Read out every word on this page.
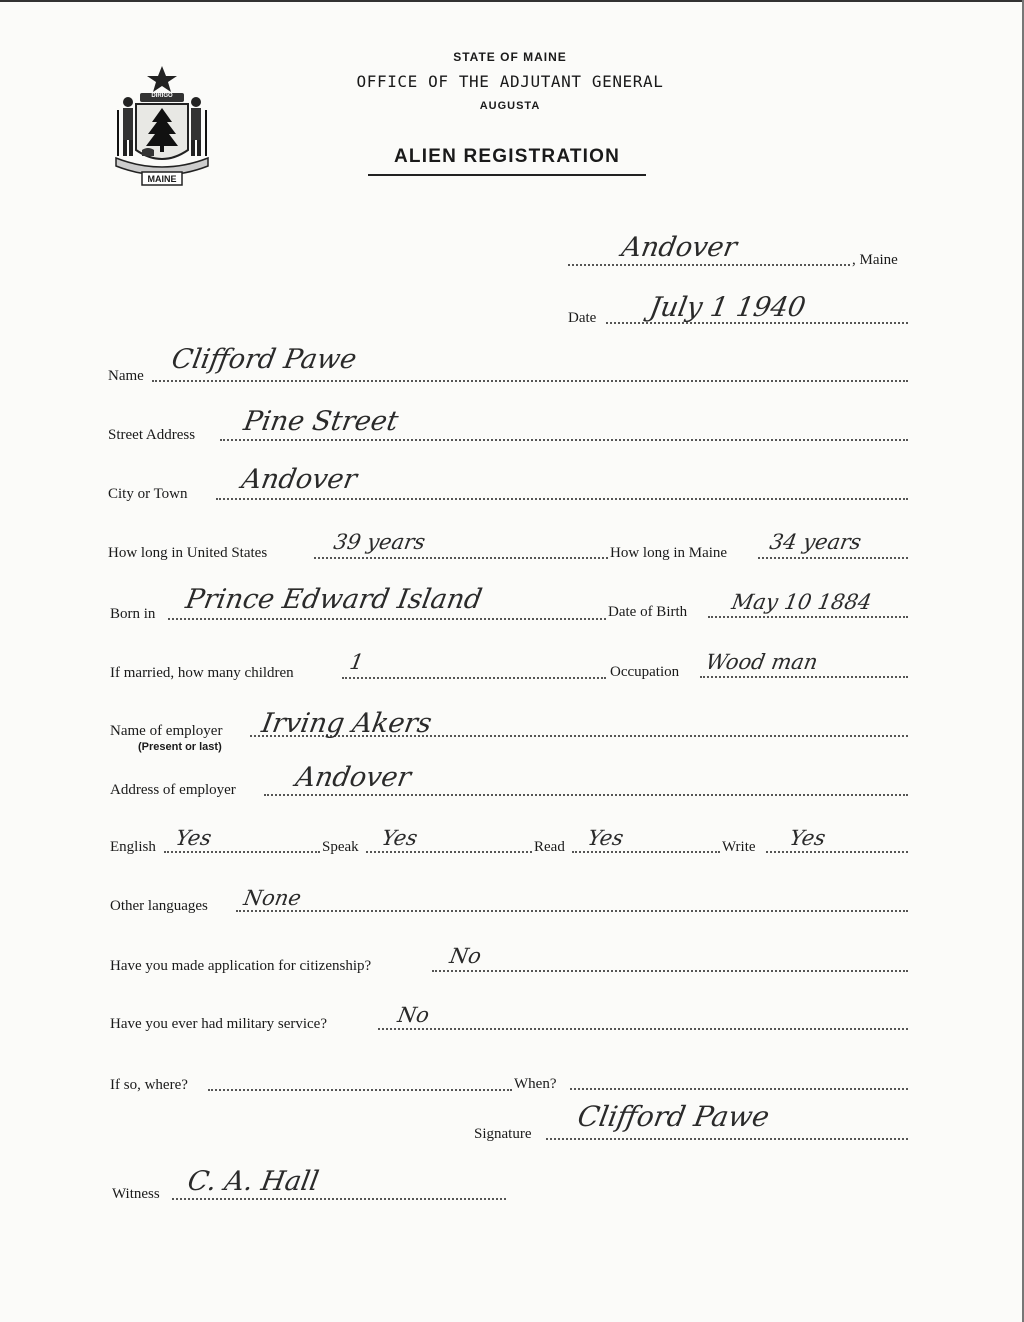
MAINE
DIRIGO
STATE OF MAINE
OFFICE OF THE ADJUTANT GENERAL
AUGUSTA
ALIEN REGISTRATION
Andover	, Maine
Date July 1 1940
Name
Clifford Pawe
Street Address Pine Street
City or Town Andover
How long in United States	39 years	How long in Maine 34 years
Born in Prince Edward Island	Date of Birth May 10 1884
If married, how many children	1	Occupation Wood man
Name of employer
(Present or last)
Irving Akers
Address of employer Andover
English Yes	Speak Yes	Read Yes	Write Yes
Other languages None
Have you made application for citizenship?	No
Have you ever had military service?	No
If so, where?	When?
Signature
Clifford Pawe
Witness C. A. Hall
